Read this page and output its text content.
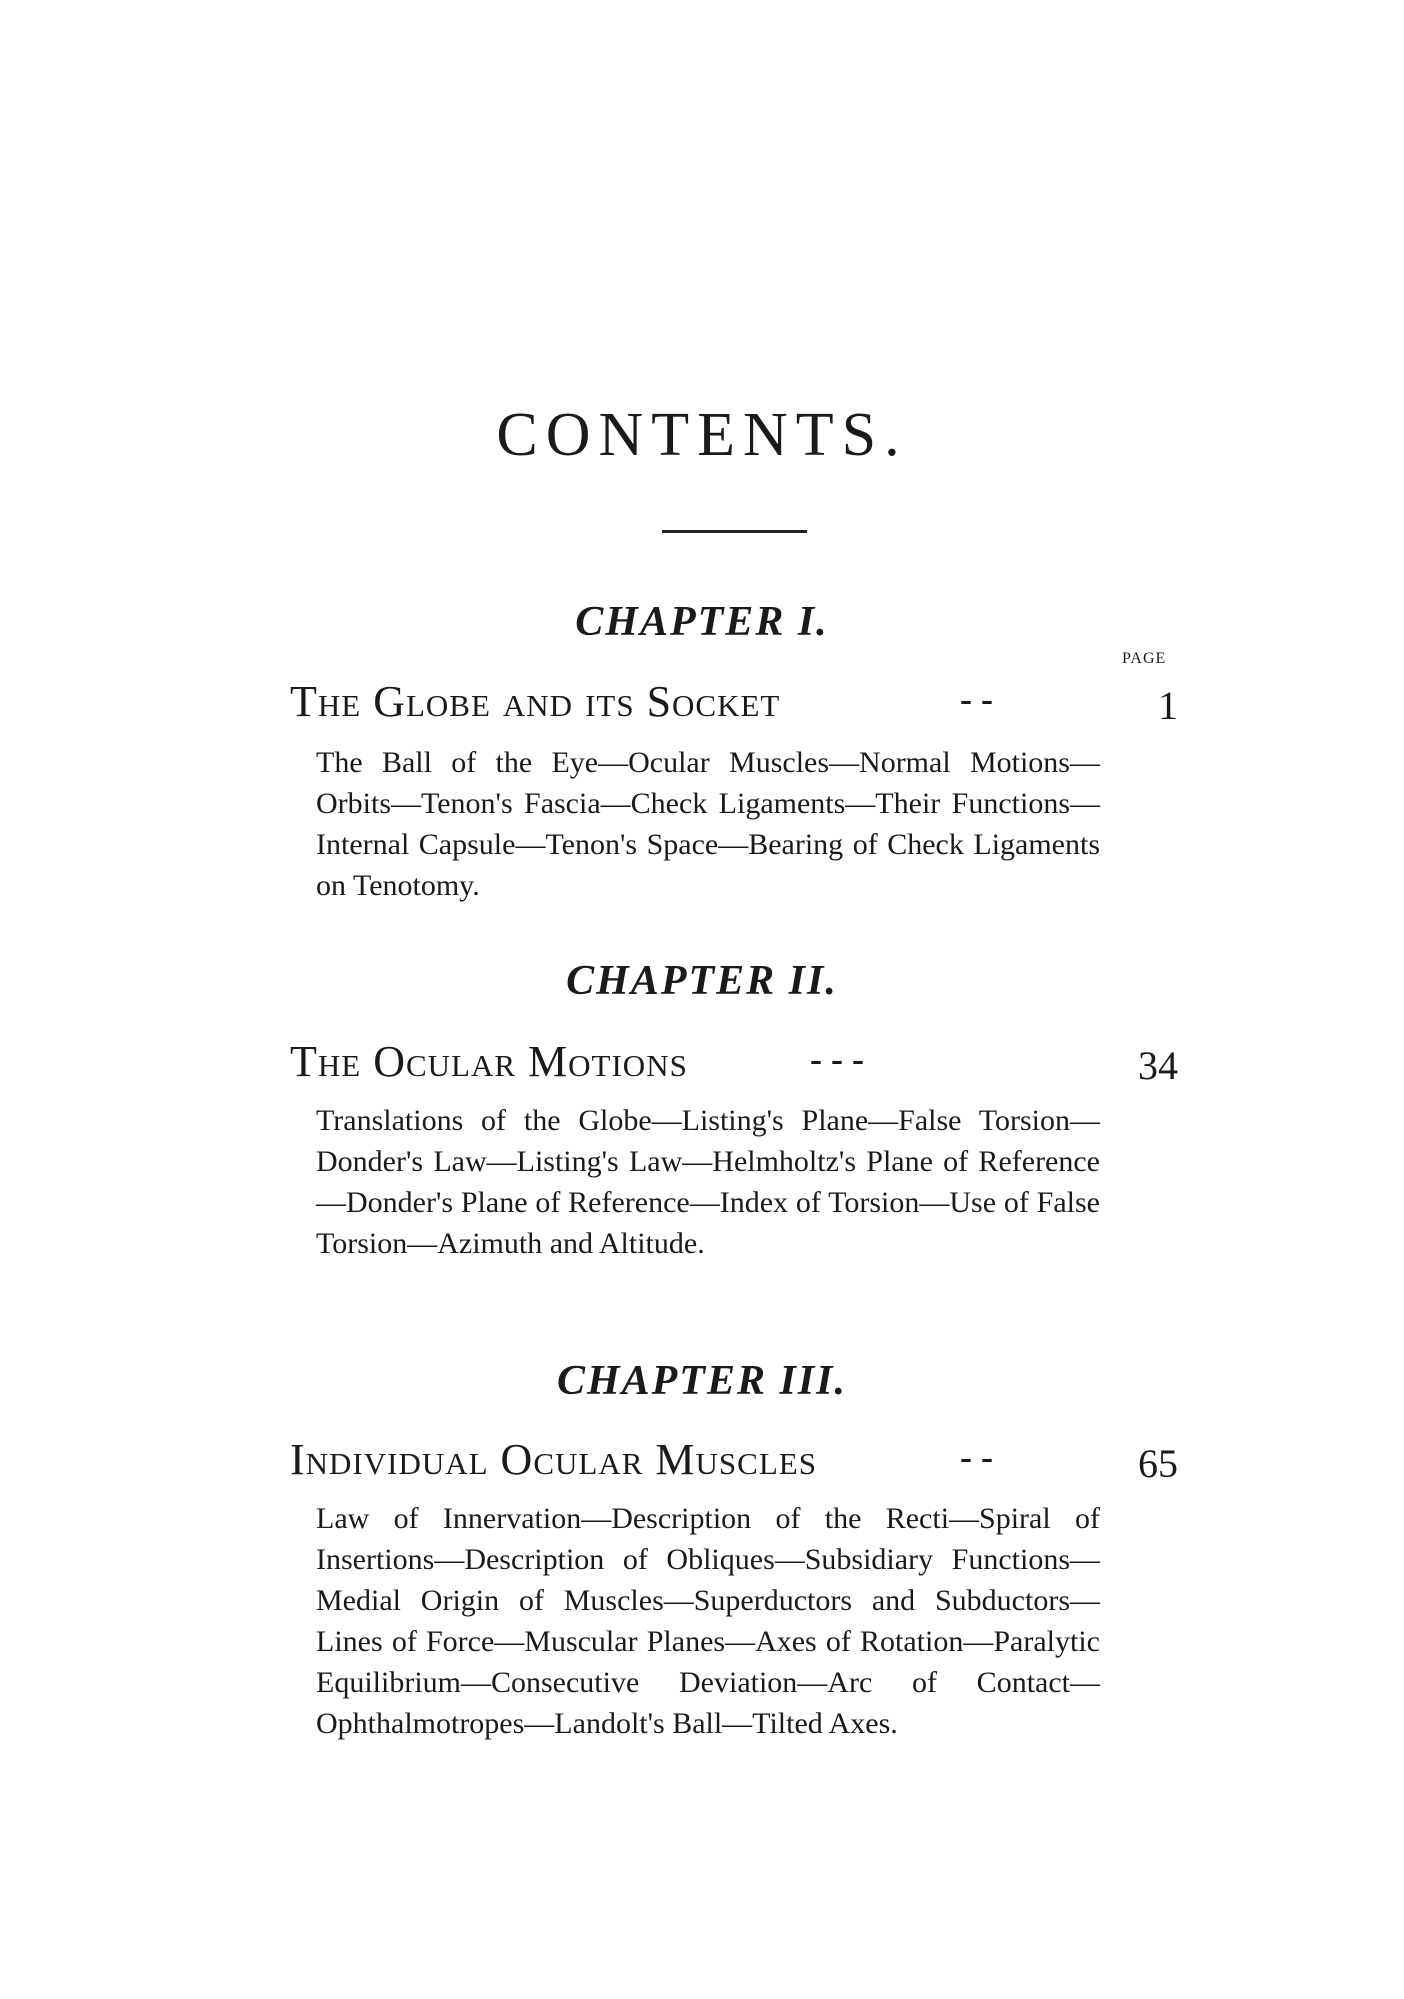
CONTENTS.
CHAPTER I.
PAGE
The Globe and its Socket	- -	1

The Ball of the Eye—Ocular Muscles—Normal Motions—Orbits—Tenon's Fascia—Check Ligaments—Their Functions—Internal Capsule—Tenon's Space—Bearing of Check Ligaments on Tenotomy.

CHAPTER II.
The Ocular Motions	- - -	34

Translations of the Globe—Listing's Plane—False Torsion—Donder's Law—Listing's Law—Helmholtz's Plane of Reference—Donder's Plane of Reference—Index of Torsion—Use of False Torsion—Azimuth and Altitude.

CHAPTER III.
Individual Ocular Muscles	- -	65

Law of Innervation—Description of the Recti—Spiral of Insertions—Description of Obliques—Subsidiary Functions—Medial Origin of Muscles—Superductors and Subductors—Lines of Force—Muscular Planes—Axes of Rotation—Paralytic Equilibrium—Consecutive Deviation—Arc of Contact—Ophthalmotropes—Landolt's Ball—Tilted Axes.
